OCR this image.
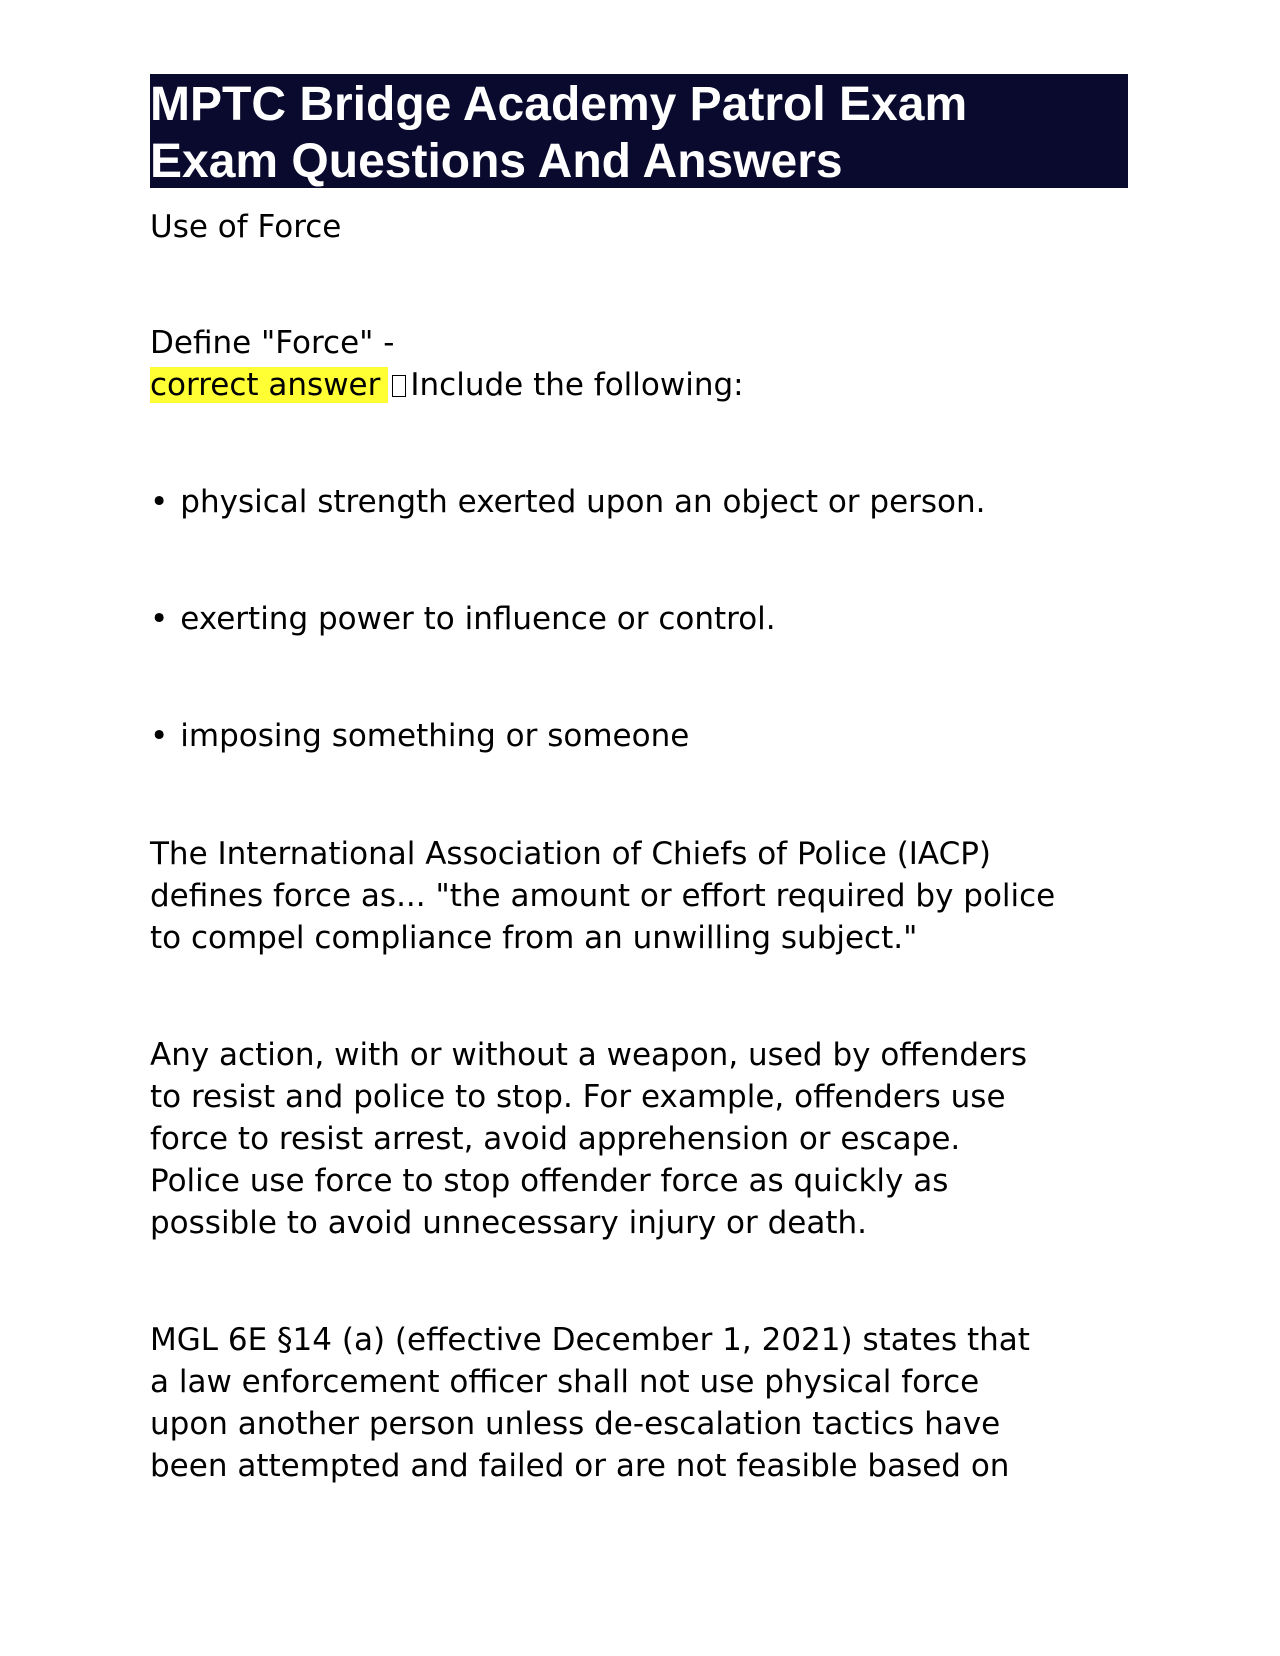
MPTC Bridge Academy Patrol Exam
Exam Questions And Answers

Use of Force

Define "Force" -
correct answer Include the following:

• physical strength exerted upon an object or person.

• exerting power to influence or control.

• imposing something or someone

The International Association of Chiefs of Police (IACP)
defines force as... "the amount or effort required by police
to compel compliance from an unwilling subject."

Any action, with or without a weapon, used by offenders
to resist and police to stop. For example, offenders use
force to resist arrest, avoid apprehension or escape.
Police use force to stop offender force as quickly as
possible to avoid unnecessary injury or death.

MGL 6E §14 (a) (effective December 1, 2021) states that
a law enforcement officer shall not use physical force
upon another person unless de-escalation tactics have
been attempted and failed or are not feasible based on
